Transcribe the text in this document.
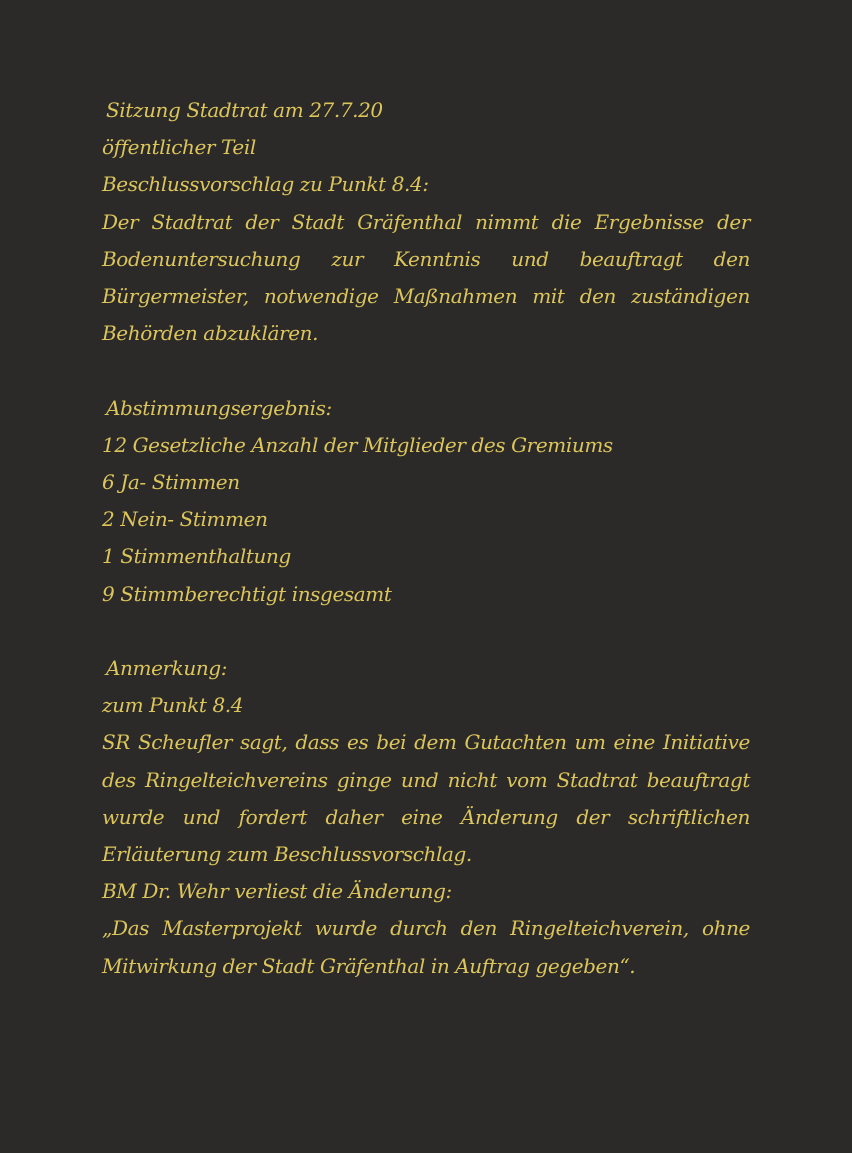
Sitzung Stadtrat am 27.7.20
öffentlicher Teil
Beschlussvorschlag zu Punkt 8.4:

Der Stadtrat der Stadt Gräfenthal nimmt die Ergebnisse der Bodenuntersuchung zur Kenntnis und beauftragt den Bürgermeister, notwendige Maßnahmen mit den zuständigen Behörden abzuklären.

Abstimmungsergebnis:
12 Gesetzliche Anzahl der Mitglieder des Gremiums
6 Ja- Stimmen
2 Nein- Stimmen
1 Stimmenthaltung
9 Stimmberechtigt insgesamt
Anmerkung:
zum Punkt 8.4

SR Scheufler sagt, dass es bei dem Gutachten um eine Initiative des Ringelteichvereins ginge und nicht vom Stadtrat beauftragt wurde und fordert daher eine Änderung der schriftlichen Erläuterung zum Beschlussvorschlag.

BM Dr. Wehr verliest die Änderung:

„Das Masterprojekt wurde durch den Ringelteichverein, ohne Mitwirkung der Stadt Gräfenthal in Auftrag gegeben“.
